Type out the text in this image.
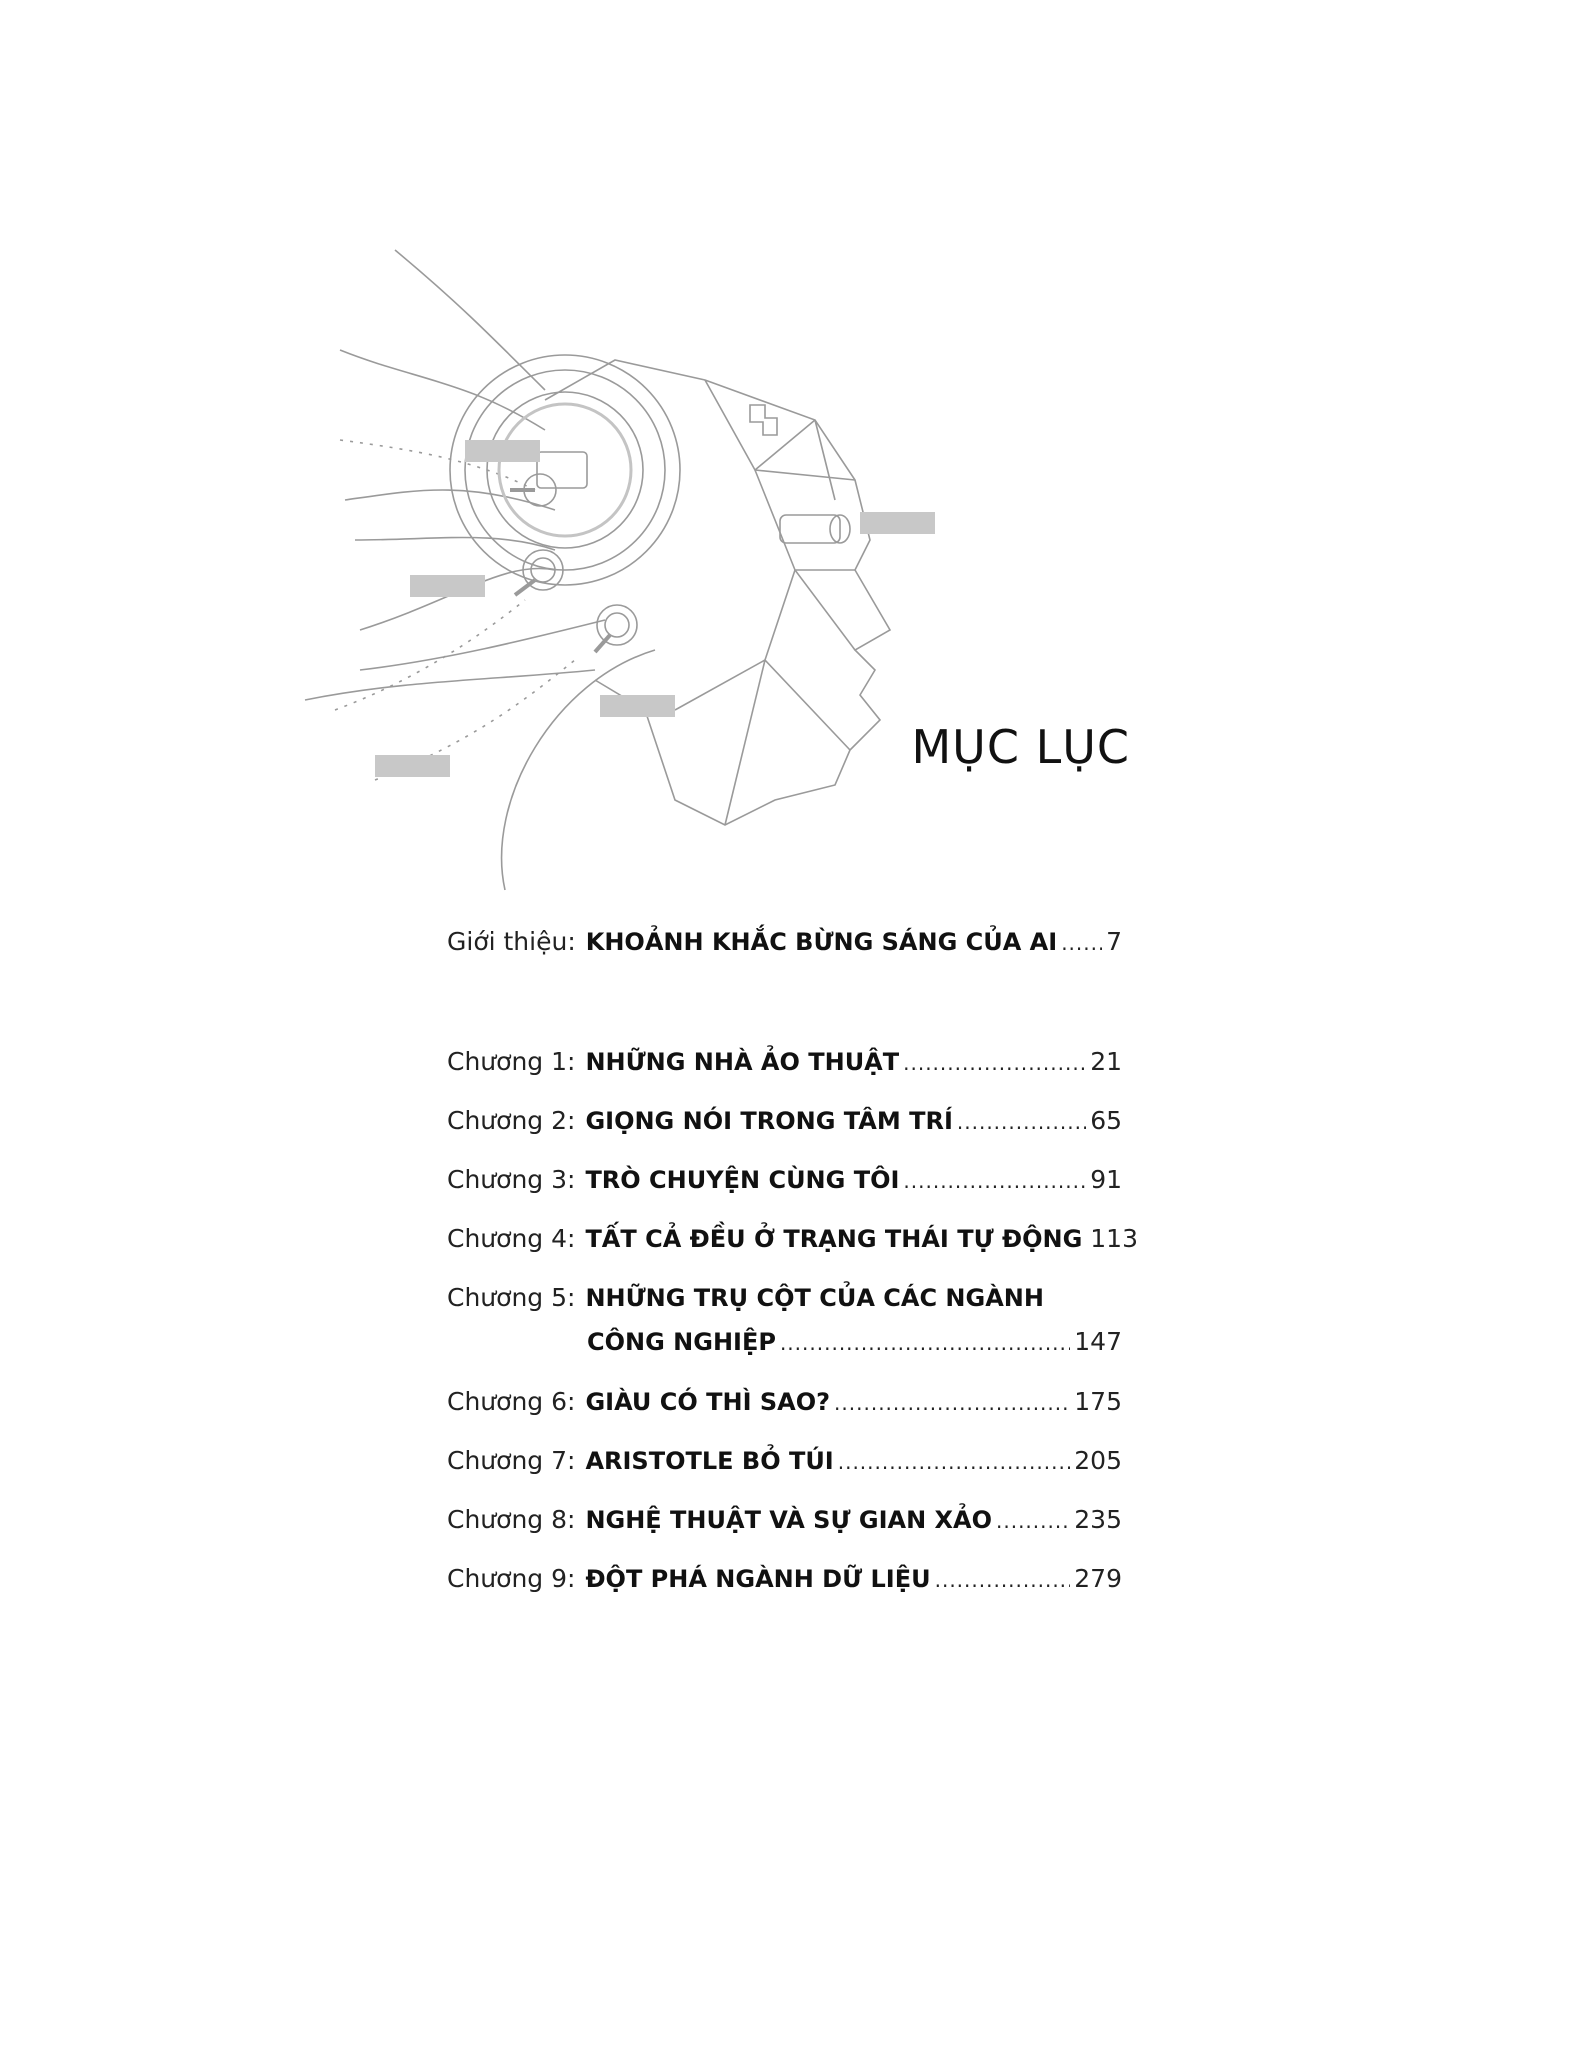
MỤC LỤC
Giới thiệu: KHOẢNH KHẮC BỪNG SÁNG CỦA AI ..... 7
Chương 1: NHỮNG NHÀ ẢO THUẬT .....	21
Chương 2: GIỌNG NÓI TRONG TÂM TRÍ .....	65
Chương 3: TRÒ CHUYỆN CÙNG TÔI .....	91
Chương 4: TẤT CẢ ĐỀU Ở TRẠNG THÁI TỰ ĐỘNG 113
Chương 5: NHỮNG TRỤ CỘT CỦA CÁC NGÀNH
CÔNG NGHIỆP .....	147
Chương 6: GIÀU CÓ THÌ SAO? .....	175
Chương 7: ARISTOTLE BỎ TÚI .....	205
Chương 8: NGHỆ THUẬT VÀ SỰ GIAN XẢO .....	235
Chương 9: ĐỘT PHÁ NGÀNH DỮ LIỆU .....	279
